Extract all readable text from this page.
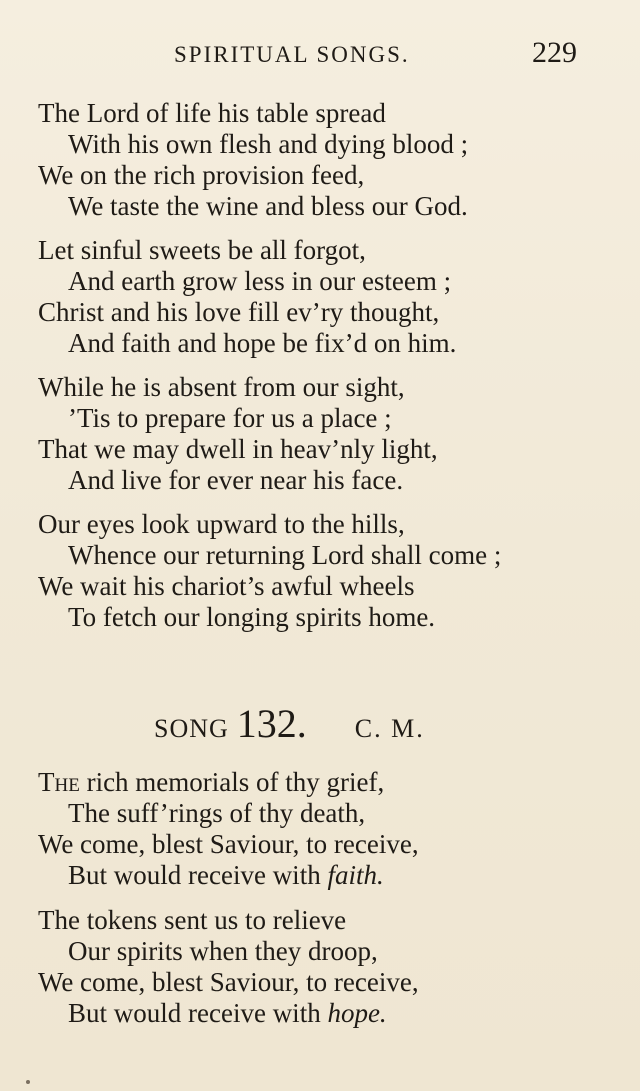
SPIRITUAL SONGS.	229
The Lord of life his table spread
With his own flesh and dying blood ;
We on the rich provision feed,
We taste the wine and bless our God.
Let sinful sweets be all forgot,
And earth grow less in our esteem ;
Christ and his love fill ev’ry thought,
And faith and hope be fix’d on him.
While he is absent from our sight,
’Tis to prepare for us a place ;
That we may dwell in heav’nly light,
And live for ever near his face.
Our eyes look upward to the hills,
Whence our returning Lord shall come ;
We wait his chariot’s awful wheels
To fetch our longing spirits home.
SONG 132. C. M.
The rich memorials of thy grief,
The suff’rings of thy death,
We come, blest Saviour, to receive,
But would receive with faith.
The tokens sent us to relieve
Our spirits when they droop,
We come, blest Saviour, to receive,
But would receive with hope.
